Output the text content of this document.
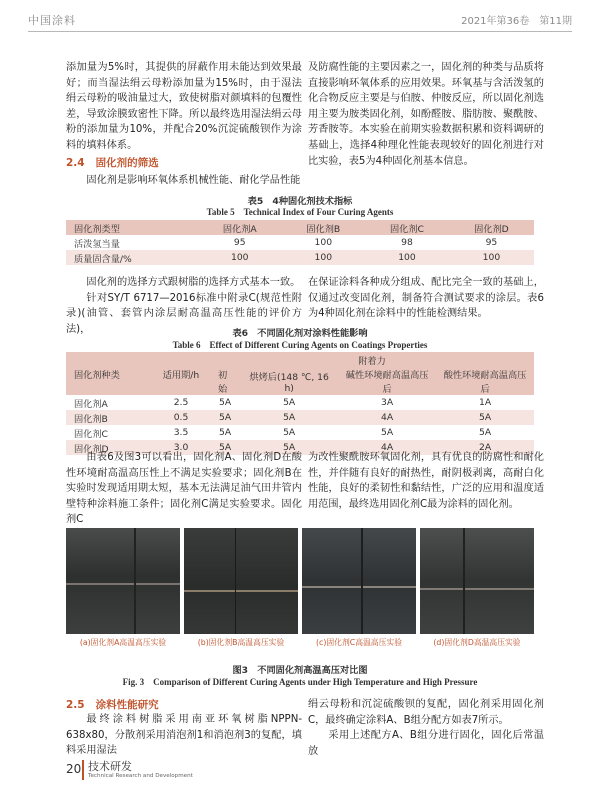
中国涂料	2021年第36卷　第11期

添加量为5%时，其提供的屏蔽作用未能达到效果最好；而当湿法绢云母粉添加量为15%时，由于湿法绢云母粉的吸油量过大，致使树脂对颜填料的包覆性差，导致涂膜致密性下降。所以最终选用湿法绢云母粉的添加量为10%，并配合20%沉淀硫酸钡作为涂料的填料体系。

2.4 固化剂的筛选

固化剂是影响环氧体系机械性能、耐化学品性能

及防腐性能的主要因素之一，固化剂的种类与品质将直接影响环氧体系的应用效果。环氧基与含活泼氢的化合物反应主要是与伯胺、仲胺反应，所以固化剂选用主要为胺类固化剂，如酚醛胺、脂肪胺、聚酰胺、芳香胺等。本实验在前期实验数据积累和资料调研的基础上，选择4种理化性能表现较好的固化剂进行对比实验，表5为4种固化剂基本信息。

表5　4种固化剂技术指标
Table 5　Technical Index of Four Curing Agents
固化剂类型	固化剂A	固化剂B	固化剂C	固化剂D
活泼氢当量	95	100	98	95
质量固含量/%	100	100	100	100

固化剂的选择方式跟树脂的选择方式基本一致。

针对SY/T 6717—2016标准中附录C(规范性附录)(油管、套管内涂层耐高温高压性能的评价方法)，

在保证涂料各种成分组成、配比完全一致的基础上，仅通过改变固化剂，制备符合测试要求的涂层。表6为4种固化剂在涂料中的性能检测结果。

表6　不同固化剂对涂料性能影响
Table 6　Effect of Different Curing Agents on Coatings Properties
固化剂种类	适用期/h	附着力			
		初始	烘烤后(148 ℃, 16 h)	碱性环境耐高温高压后	酸性环境耐高温高压后
固化剂A	2.5	5A	5A	3A	1A
固化剂B	0.5	5A	5A	4A	5A
固化剂C	3.5	5A	5A	5A	5A
固化剂D	3.0	5A	5A	4A	2A

由表6及图3可以看出，固化剂A、固化剂D在酸性环境耐高温高压性上不满足实验要求；固化剂B在实验时发现适用期太短，基本无法满足油气田井管内壁特种涂料施工条件；固化剂C满足实验要求。固化剂C

为改性聚酰胺环氧固化剂，具有优良的防腐性和耐化性，并伴随有良好的耐热性，耐阴极剥离，高耐白化性能，良好的柔韧性和黏结性，广泛的应用和温度适用范围，最终选用固化剂C最为涂料的固化剂。

(a)固化剂A高温高压实验	(b)固化剂B高温高压实验	(c)固化剂C高温高压实验	(d)固化剂D高温高压实验
图3　不同固化剂高温高压对比图
Fig. 3　Comparison of Different Curing Agents under High Temperature and High Pressure
2.5 涂料性能研究

最终涂料树脂采用南亚环氧树脂NPPN-638x80，分散剂采用消泡剂1和消泡剂3的复配，填料采用湿法

绢云母粉和沉淀硫酸钡的复配，固化剂采用固化剂C，最终确定涂料A、B组分配方如表7所示。

采用上述配方A、B组分进行固化，固化后常温放

20 技术研发
Technical Research and Development
